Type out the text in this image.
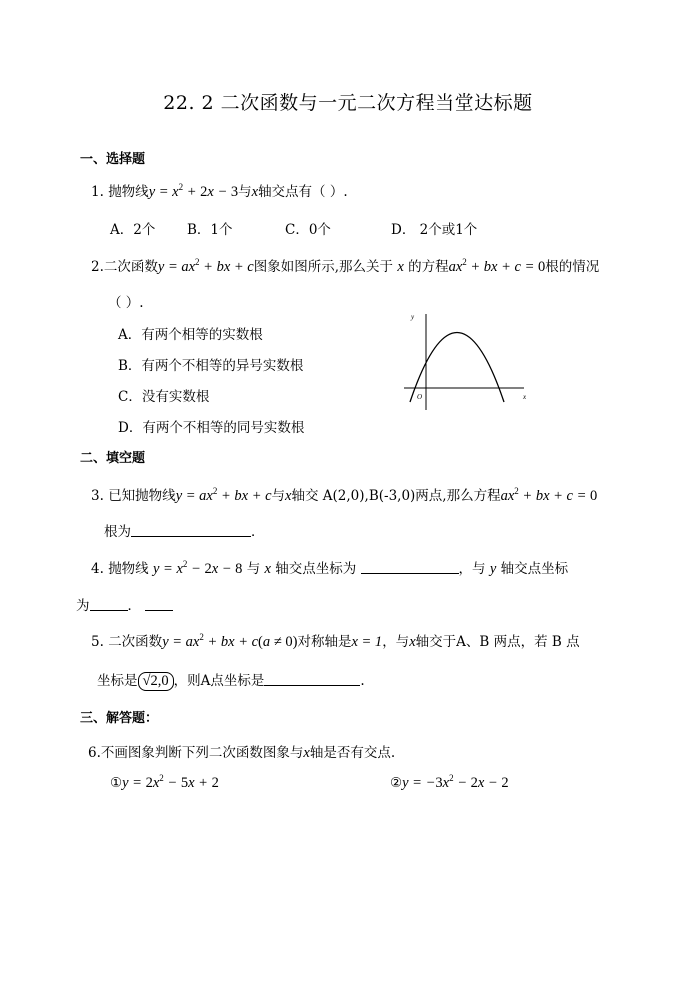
22. 2 二次函数与一元二次方程当堂达标题
一、选择题
1. 抛物线$y = x^2 + 2x - 3$与x轴交点有（ ）.
A．2个 B．1个	C．0个	D． 2个或1个
2.二次函数$y = ax^2$ + bx + c图象如图所示,那么关于 x 的方程$ax^2$ + bx + c = 0根的情况
（ ）.
A．有两个相等的实数根
B．有两个不相等的异号实数根
C．没有实数根
D．有两个不相等的同号实数根
y
x
O
二、填空题
3. 已知抛物线$y = ax^2$ + bx + c与x轴交 A(2,0),B(-3,0)两点,那么方程$ax^2$ + bx + c = 0
根为	．
4. 抛物线 $y = x^2 - 2x - 8$ 与 x 轴交点坐标为	，与 y 轴交点坐标
为	．
5. 二次函数$y = ax^2$ + bx + c(a ≠ 0)对称轴是x = 1，与x轴交于A、B 两点，若 B 点
坐标是 √2,0 ，则A点坐标是	.
三、解答题：
6.不画图象判断下列二次函数图象与x轴是否有交点.
①y = $2x^2 - 5x + 2$	②y = $-3x^2 - 2x - 2$
